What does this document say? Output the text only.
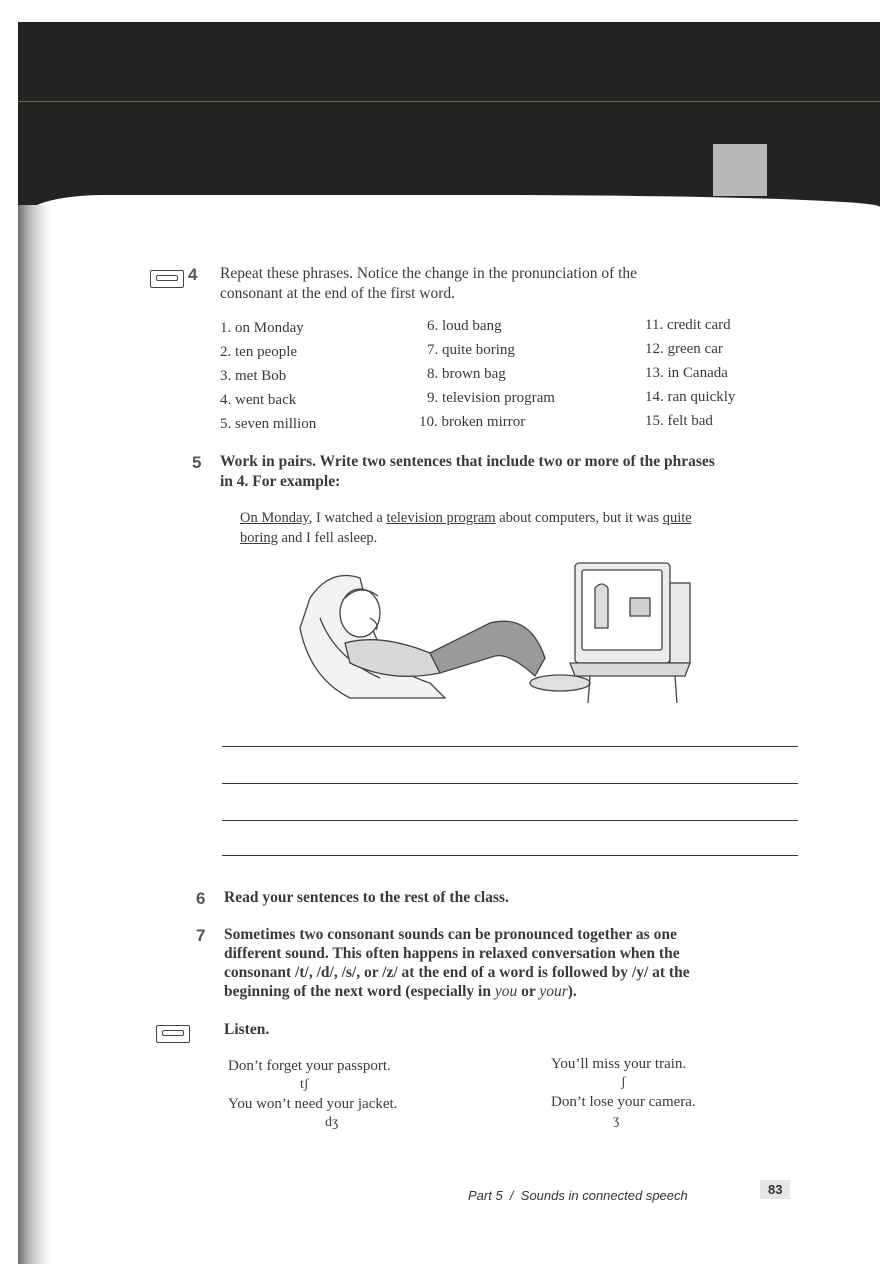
4 Repeat these phrases. Notice the change in the pronunciation of the
consonant at the end of the first word.
1. on Monday
2. ten people
3. met Bob
4. went back
5. seven million
6. loud bang
7. quite boring
8. brown bag
9. television program
10. broken mirror
11. credit card
12. green car
13. in Canada
14. ran quickly
15. felt bad
5 Work in pairs. Write two sentences that include two or more of the phrases
in 4. For example:
On Monday, I watched a television program about computers, but it was quite
boring and I fell asleep.
6 Read your sentences to the rest of the class.
7 Sometimes two consonant sounds can be pronounced together as one
different sound. This often happens in relaxed conversation when the
consonant /t/, /d/, /s/, or /z/ at the end of a word is followed by /y/ at the
beginning of the next word (especially in you or your).
Listen.
Don’t forget your passport.
tʃ
You won’t need your jacket.
dʒ
You’ll miss your train.
ʃ
Don’t lose your camera.
ʒ
Part 5 / Sounds in connected speech	83
